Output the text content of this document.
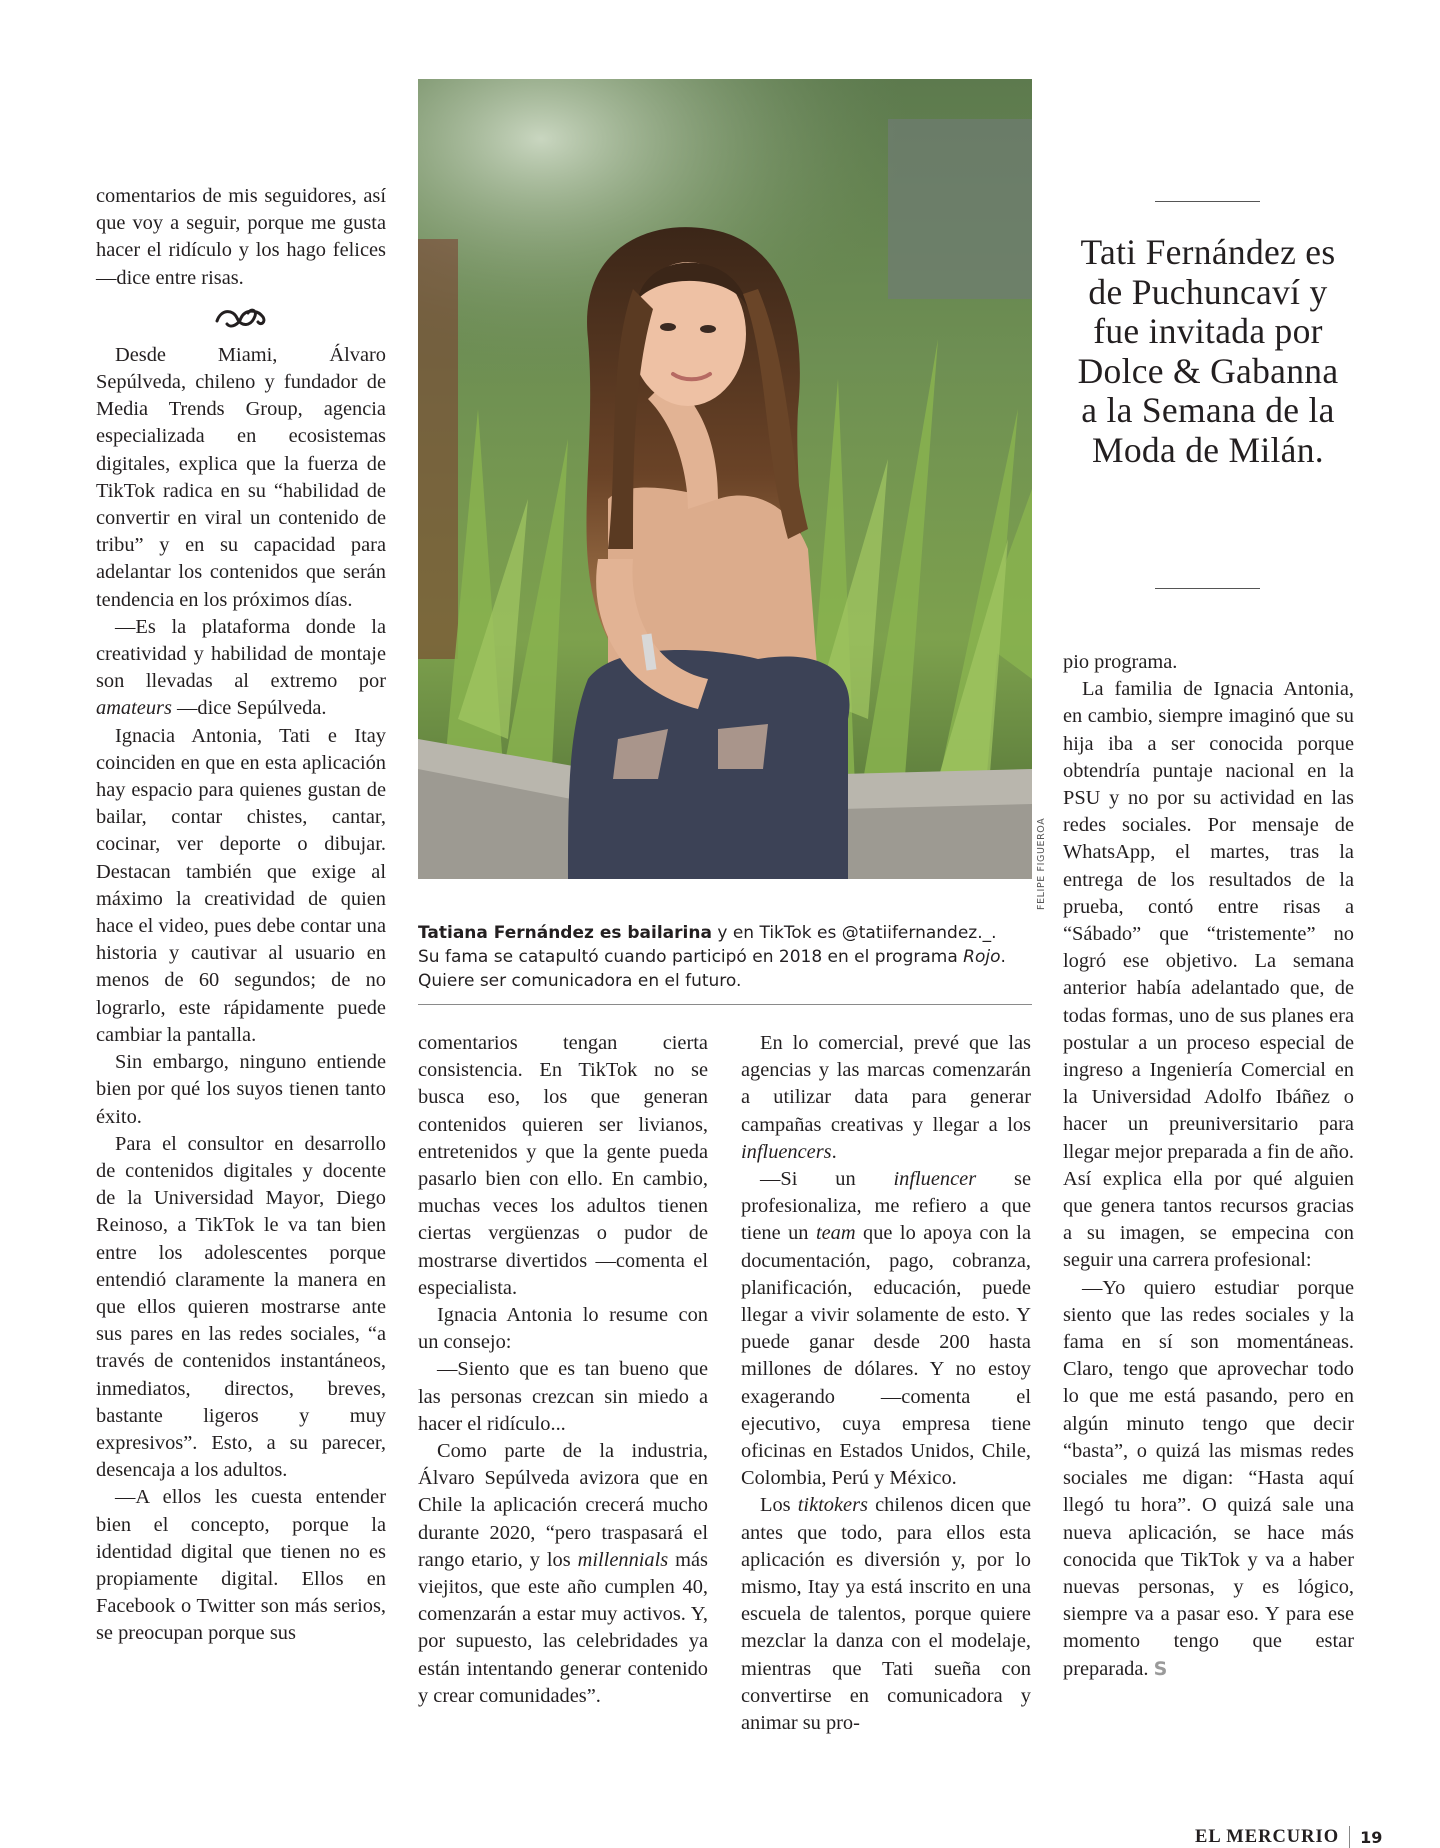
comentarios de mis seguidores, así que voy a seguir, porque me gusta hacer el ridículo y los hago felices —dice entre risas.

Desde Miami, Álvaro Sepúlveda, chileno y fundador de Media Trends Group, agencia especializada en ecosistemas digitales, explica que la fuerza de TikTok radica en su “habilidad de convertir en viral un contenido de tribu” y en su capacidad para adelantar los contenidos que serán tendencia en los próximos días.

—Es la plataforma donde la creatividad y habilidad de montaje son llevadas al extremo por amateurs —dice Sepúlveda.

Ignacia Antonia, Tati e Itay coinciden en que en esta aplicación hay espacio para quienes gustan de bailar, contar chistes, cantar, cocinar, ver deporte o dibujar. Destacan también que exige al máximo la creatividad de quien hace el video, pues debe contar una historia y cautivar al usuario en menos de 60 segundos; de no lograrlo, este rápidamente puede cambiar la pantalla.

Sin embargo, ninguno entiende bien por qué los suyos tienen tanto éxito.

Para el consultor en desarrollo de contenidos digitales y docente de la Universidad Mayor, Diego Reinoso, a TikTok le va tan bien entre los adolescentes porque entendió claramente la manera en que ellos quieren mostrarse ante sus pares en las redes sociales, “a través de contenidos instantáneos, inmediatos, directos, breves, bastante ligeros y muy expresivos”. Esto, a su parecer, desencaja a los adultos.

—A ellos les cuesta entender bien el concepto, porque la identidad digital que tienen no es propiamente digital. Ellos en Facebook o Twitter son más serios, se preocupan porque sus

FELIPE FIGUEROA
Tatiana Fernández es bailarina y en TikTok es @tatiifernandez._.
Su fama se catapultó cuando participó en 2018 en el programa Rojo.
Quiere ser comunicadora en el futuro.
Tati Fernández es de Puchuncaví y fue invitada por Dolce & Gabanna a la Semana de la Moda de Milán.

comentarios tengan cierta consistencia. En TikTok no se busca eso, los que generan contenidos quieren ser livianos, entretenidos y que la gente pueda pasarlo bien con ello. En cambio, muchas veces los adultos tienen ciertas vergüenzas o pudor de mostrarse divertidos —comenta el especialista.

Ignacia Antonia lo resume con un consejo:

—Siento que es tan bueno que las personas crezcan sin miedo a hacer el ridículo...

Como parte de la industria, Álvaro Sepúlveda avizora que en Chile la aplicación crecerá mucho durante 2020, “pero traspasará el rango etario, y los millennials más viejitos, que este año cumplen 40, comenzarán a estar muy activos. Y, por supuesto, las celebridades ya están intentando generar contenido y crear comunidades”.

En lo comercial, prevé que las agencias y las marcas comenzarán a utilizar data para generar campañas creativas y llegar a los influencers.

—Si un influencer se profesionaliza, me refiero a que tiene un team que lo apoya con la documentación, pago, cobranza, planificación, educación, puede llegar a vivir solamente de esto. Y puede ganar desde 200 hasta millones de dólares. Y no estoy exagerando —comenta el ejecutivo, cuya empresa tiene oficinas en Estados Unidos, Chile, Colombia, Perú y México.

Los tiktokers chilenos dicen que antes que todo, para ellos esta aplicación es diversión y, por lo mismo, Itay ya está inscrito en una escuela de talentos, porque quiere mezclar la danza con el modelaje, mientras que Tati sueña con convertirse en comunicadora y animar su pro-

pio programa.

La familia de Ignacia Antonia, en cambio, siempre imaginó que su hija iba a ser conocida porque obtendría puntaje nacional en la PSU y no por su actividad en las redes sociales. Por mensaje de WhatsApp, el martes, tras la entrega de los resultados de la prueba, contó entre risas a “Sábado” que “tristemente” no logró ese objetivo. La semana anterior había adelantado que, de todas formas, uno de sus planes era postular a un proceso especial de ingreso a Ingeniería Comercial en la Universidad Adolfo Ibáñez o hacer un preuniversitario para llegar mejor preparada a fin de año. Así explica ella por qué alguien que genera tantos recursos gracias a su imagen, se empecina con seguir una carrera profesional:

—Yo quiero estudiar porque siento que las redes sociales y la fama en sí son momentáneas. Claro, tengo que aprovechar todo lo que me está pasando, pero en algún minuto tengo que decir “basta”, o quizá las mismas redes sociales me digan: “Hasta aquí llegó tu hora”. O quizá sale una nueva aplicación, se hace más conocida que TikTok y va a haber nuevas personas, y es lógico, siempre va a pasar eso. Y para ese momento tengo que estar preparada. S

EL MERCURIO 19
